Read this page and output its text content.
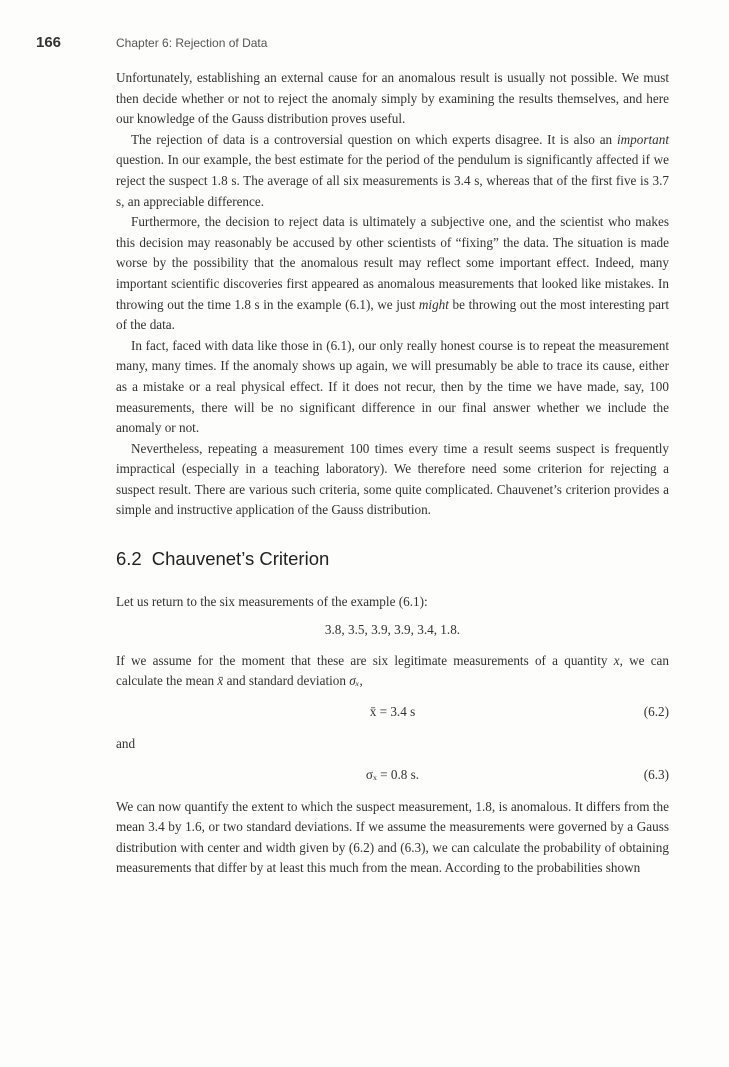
166	Chapter 6: Rejection of Data

Unfortunately, establishing an external cause for an anomalous result is usually not possible. We must then decide whether or not to reject the anomaly simply by examining the results themselves, and here our knowledge of the Gauss distribution proves useful.

The rejection of data is a controversial question on which experts disagree. It is also an important question. In our example, the best estimate for the period of the pendulum is significantly affected if we reject the suspect 1.8 s. The average of all six measurements is 3.4 s, whereas that of the first five is 3.7 s, an appreciable difference.

Furthermore, the decision to reject data is ultimately a subjective one, and the scientist who makes this decision may reasonably be accused by other scientists of “fixing” the data. The situation is made worse by the possibility that the anomalous result may reflect some important effect. Indeed, many important scientific discoveries first appeared as anomalous measurements that looked like mistakes. In throwing out the time 1.8 s in the example (6.1), we just might be throwing out the most interesting part of the data.

In fact, faced with data like those in (6.1), our only really honest course is to repeat the measurement many, many times. If the anomaly shows up again, we will presumably be able to trace its cause, either as a mistake or a real physical effect. If it does not recur, then by the time we have made, say, 100 measurements, there will be no significant difference in our final answer whether we include the anomaly or not.

Nevertheless, repeating a measurement 100 times every time a result seems suspect is frequently impractical (especially in a teaching laboratory). We therefore need some criterion for rejecting a suspect result. There are various such criteria, some quite complicated. Chauvenet’s criterion provides a simple and instructive application of the Gauss distribution.

6.2 Chauvenet’s Criterion

Let us return to the six measurements of the example (6.1):

3.8, 3.5, 3.9, 3.9, 3.4, 1.8.

If we assume for the moment that these are six legitimate measurements of a quantity x, we can calculate the mean x̄ and standard deviation σₓ,

x̄ = 3.4 s	(6.2)

and

σₓ = 0.8 s.	(6.3)

We can now quantify the extent to which the suspect measurement, 1.8, is anomalous. It differs from the mean 3.4 by 1.6, or two standard deviations. If we assume the measurements were governed by a Gauss distribution with center and width given by (6.2) and (6.3), we can calculate the probability of obtaining measurements that differ by at least this much from the mean. According to the probabilities shown
